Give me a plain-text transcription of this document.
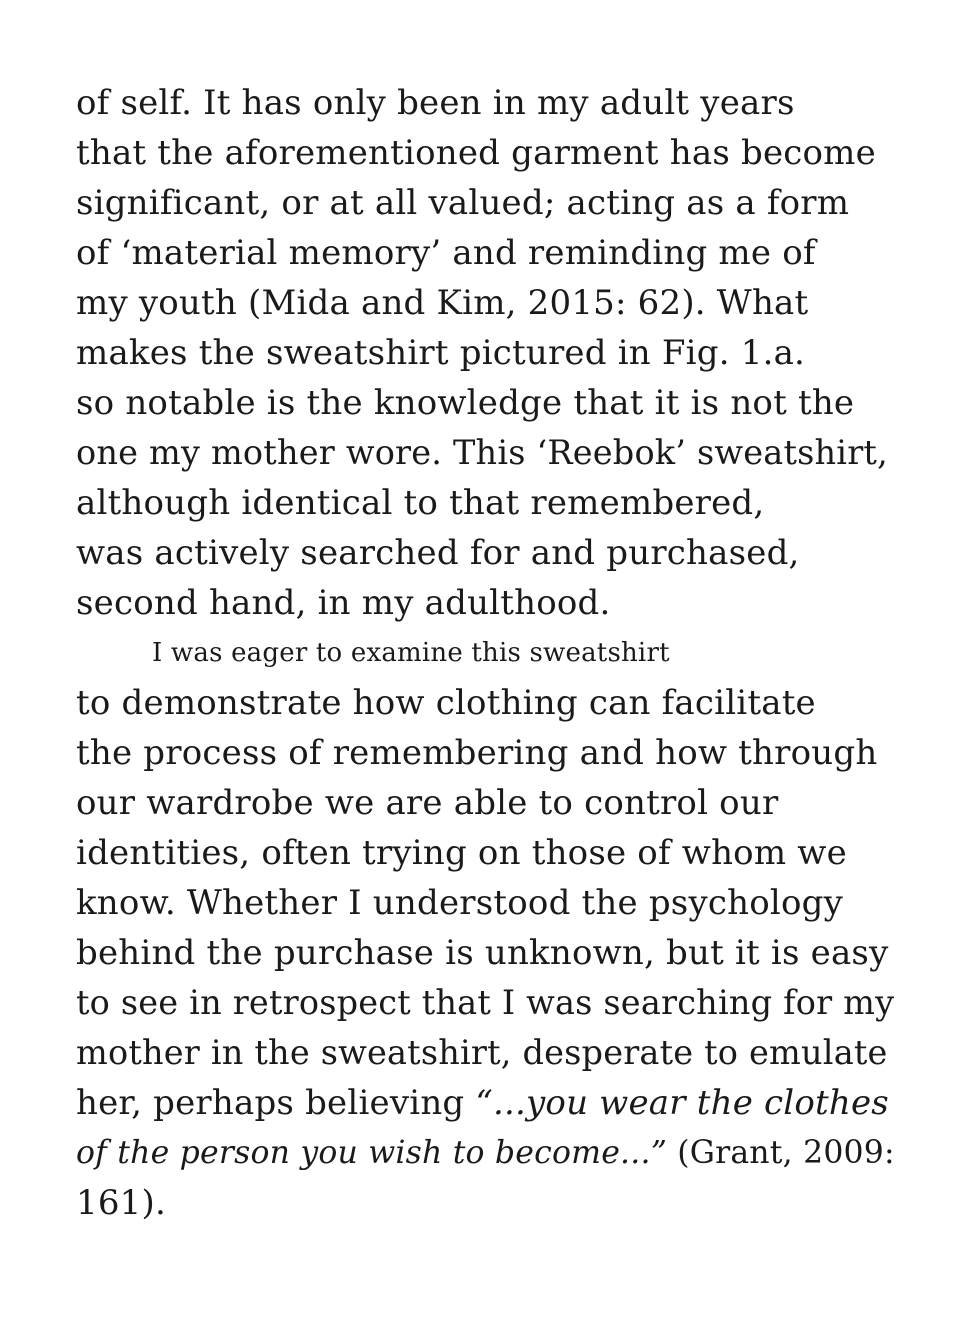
of self. It has only been in my adult years
that the aforementioned garment has become
significant, or at all valued; acting as a form
of ‘material memory’ and reminding me of
my youth (Mida and Kim, 2015: 62). What
makes the sweatshirt pictured in Fig. 1.a.
so notable is the knowledge that it is not the
one my mother wore. This ‘Reebok’ sweatshirt,
although identical to that remembered,
was actively searched for and purchased,
second hand, in my adulthood.
I was eager to examine this sweatshirt
to demonstrate how clothing can facilitate
the process of remembering and how through
our wardrobe we are able to control our
identities, often trying on those of whom we
know. Whether I understood the psychology
behind the purchase is unknown, but it is easy
to see in retrospect that I was searching for my
mother in the sweatshirt, desperate to emulate
her, perhaps believing “...you wear the clothes
of the person you wish to become...” (Grant, 2009:
161).
